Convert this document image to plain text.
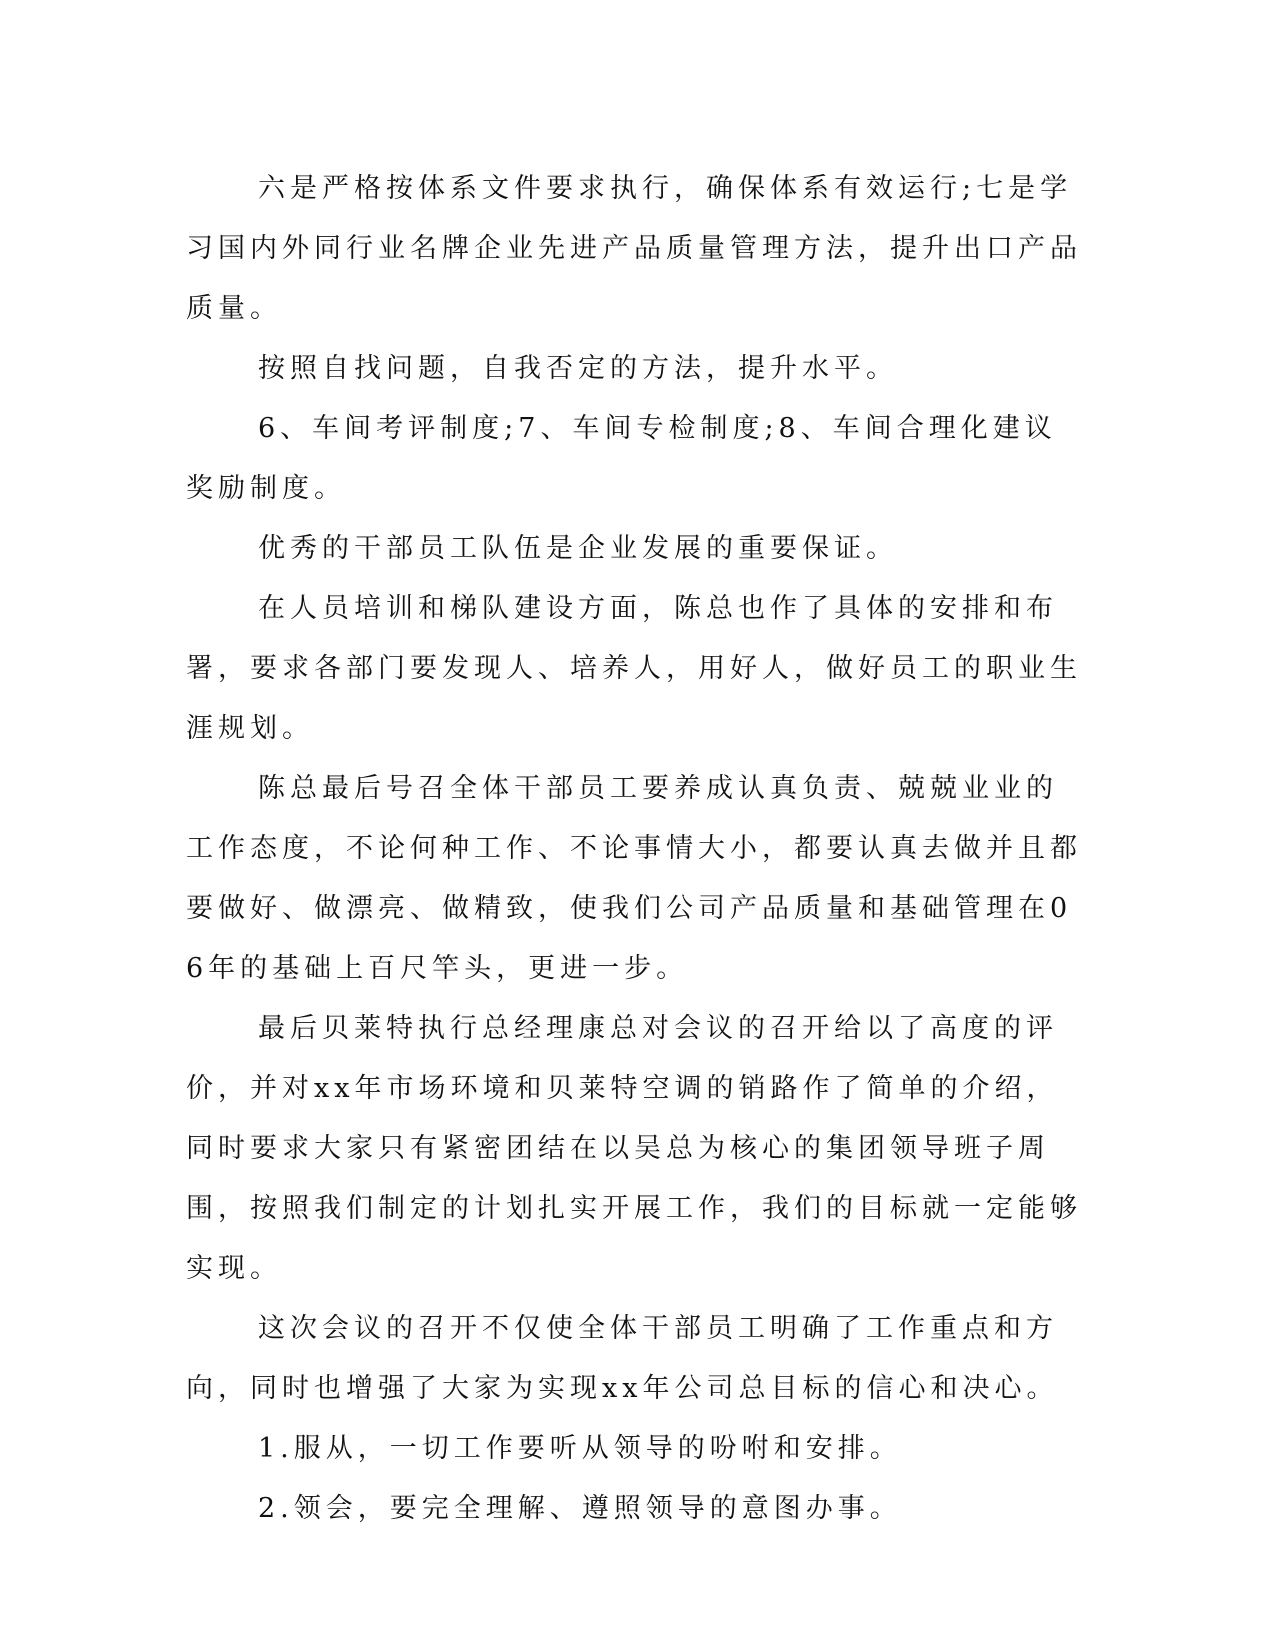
六是严格按体系文件要求执行，确保体系有效运行;七是学习国内外同行业名牌企业先进产品质量管理方法，提升出口产品质量。

按照自找问题，自我否定的方法，提升水平。

6、车间考评制度;7、车间专检制度;8、车间合理化建议奖励制度。

优秀的干部员工队伍是企业发展的重要保证。

在人员培训和梯队建设方面，陈总也作了具体的安排和布署，要求各部门要发现人、培养人，用好人，做好员工的职业生涯规划。

陈总最后号召全体干部员工要养成认真负责、兢兢业业的工作态度，不论何种工作、不论事情大小，都要认真去做并且都要做好、做漂亮、做精致，使我们公司产品质量和基础管理在06年的基础上百尺竿头，更进一步。

最后贝莱特执行总经理康总对会议的召开给以了高度的评价，并对xx年市场环境和贝莱特空调的销路作了简单的介绍，同时要求大家只有紧密团结在以吴总为核心的集团领导班子周围，按照我们制定的计划扎实开展工作，我们的目标就一定能够实现。

这次会议的召开不仅使全体干部员工明确了工作重点和方向，同时也增强了大家为实现xx年公司总目标的信心和决心。

1.服从，一切工作要听从领导的吩咐和安排。

2.领会，要完全理解、遵照领导的意图办事。
